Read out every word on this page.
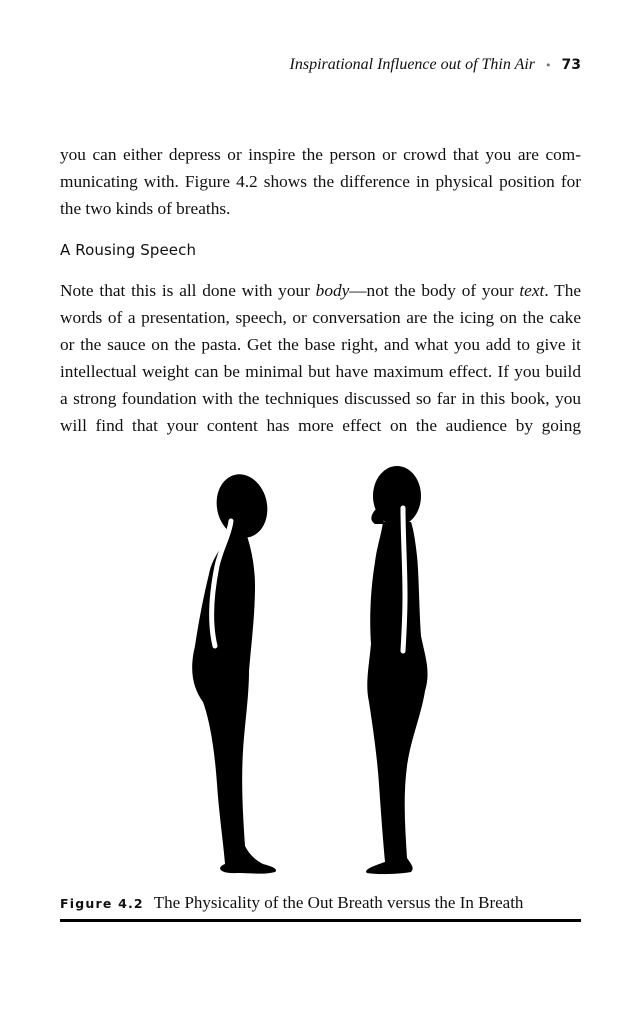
Inspirational Influence out of Thin Air • 73

you can either depress or inspire the person or crowd that you are com- municating with. Figure 4.2 shows the difference in physical position for the two kinds of breaths.

A Rousing Speech

Note that this is all done with your body—not the body of your text. The words of a presentation, speech, or conversation are the icing on the cake or the sauce on the pasta. Get the base right, and what you add to give it intellectual weight can be minimal but have maximum effect. If you build a strong foundation with the techniques discussed so far in this book, you will find that your content has more effect on the audience by going

Figure 4.2 The Physicality of the Out Breath versus the In Breath
